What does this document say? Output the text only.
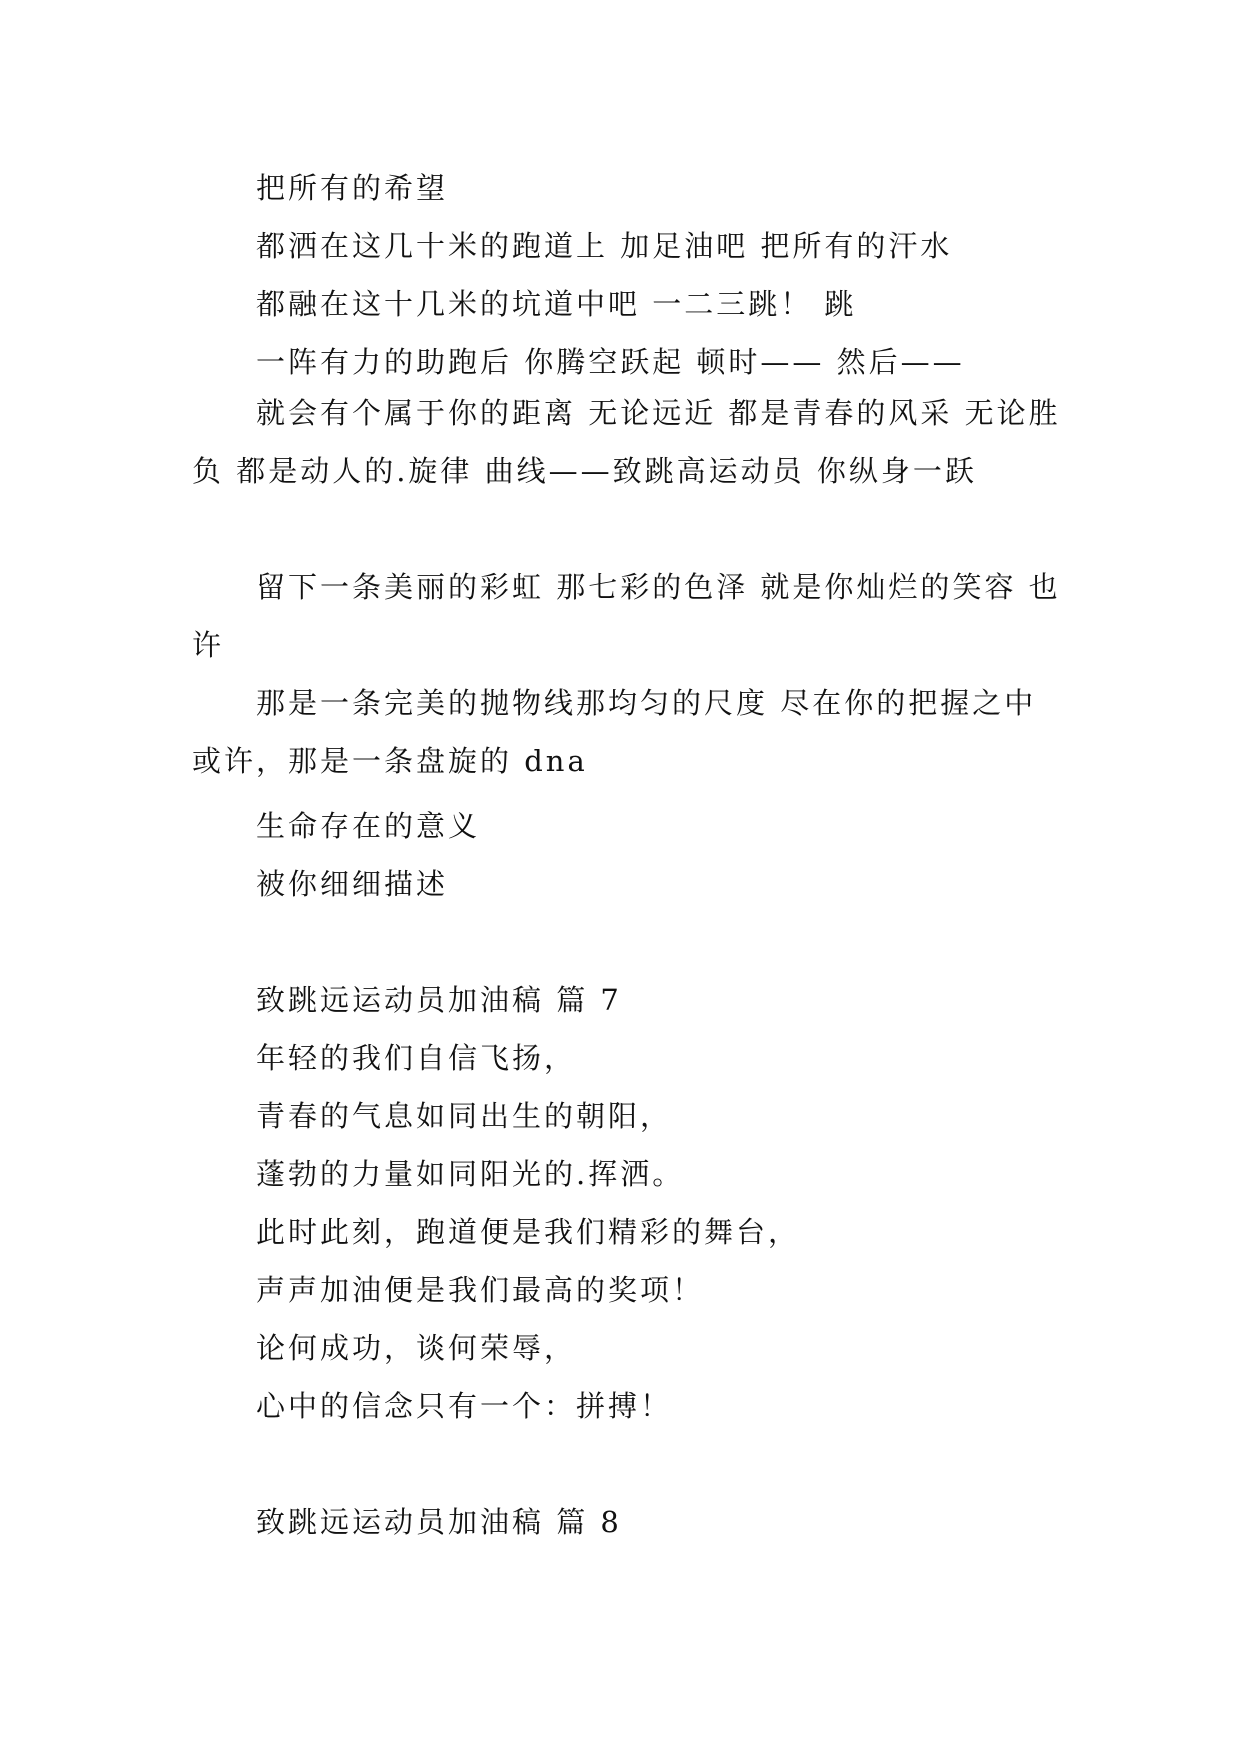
把所有的希望

都洒在这几十米的跑道上 加足油吧 把所有的汗水

都融在这十几米的坑道中吧 一二三跳！ 跳

一阵有力的助跑后 你腾空跃起 顿时—— 然后——

就会有个属于你的距离 无论远近 都是青春的风采 无论胜负 都是动人的.旋律 曲线——致跳高运动员 你纵身一跃

留下一条美丽的彩虹 那七彩的色泽 就是你灿烂的笑容 也许

那是一条完美的抛物线那均匀的尺度 尽在你的把握之中 或许，那是一条盘旋的 dna

生命存在的意义

被你细细描述

致跳远运动员加油稿 篇 7

年轻的我们自信飞扬，

青春的气息如同出生的朝阳，

蓬勃的力量如同阳光的.挥洒。

此时此刻，跑道便是我们精彩的舞台，

声声加油便是我们最高的奖项！

论何成功，谈何荣辱，

心中的信念只有一个：拼搏！

致跳远运动员加油稿 篇 8
